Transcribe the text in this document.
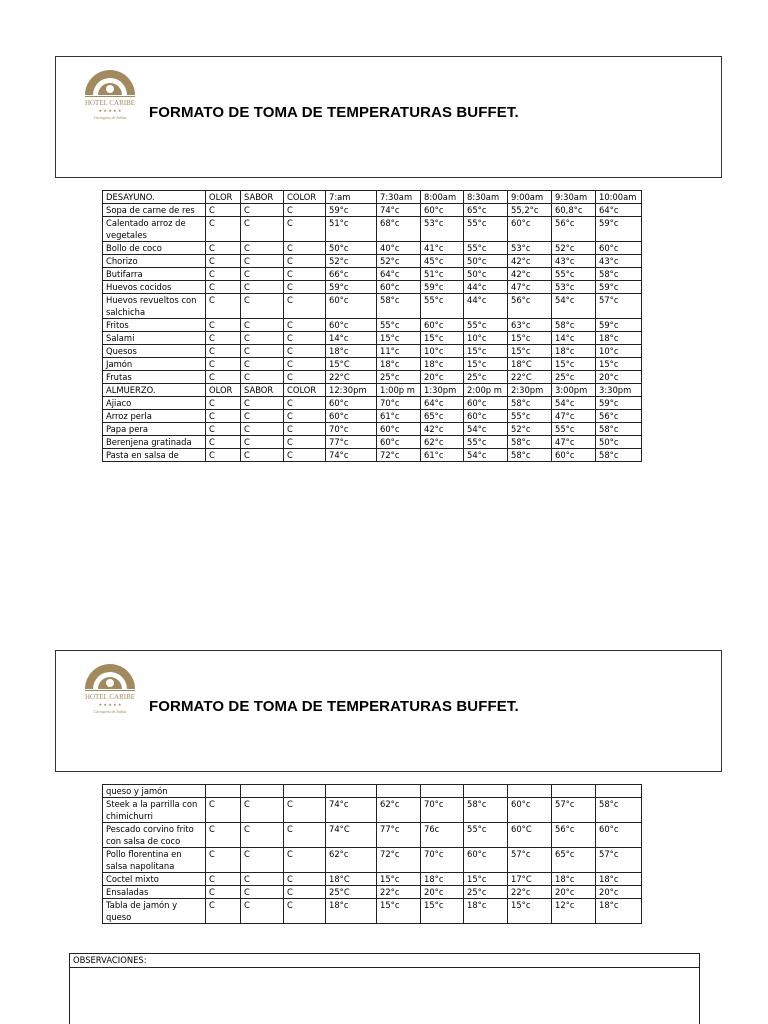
HOTEL CARIBE
★ ★ ★ ★ ★
Cartagena de Indias FORMATO DE TOMA DE TEMPERATURAS BUFFET.
DESAYUNO.	OLOR	SABOR	COLOR	7:am	7:30am	8:00am	8:30am	9:00am	9:30am	10:00am
Sopa de carne de res	C	C	C	59°c	74°c	60°c	65°c	55,2°c	60,8°c	64°c
Calentado arroz de vegetales	C	C	C	51°c	68°c	53°c	55°c	60°c	56°c	59°c
Bollo de coco	C	C	C	50°c	40°c	41°c	55°c	53°c	52°c	60°c
Chorizo	C	C	C	52°c	52°c	45°c	50°c	42°c	43°c	43°c
Butifarra	C	C	C	66°c	64°c	51°c	50°c	42°c	55°c	58°c
Huevos cocidos	C	C	C	59°c	60°c	59°c	44°c	47°c	53°c	59°c
Huevos revueltos con salchicha	C	C	C	60°c	58°c	55°c	44°c	56°c	54°c	57°c
Fritos	C	C	C	60°c	55°c	60°c	55°c	63°c	58°c	59°c
Salami	C	C	C	14°c	15°c	15°c	10°c	15°c	14°c	18°c
Quesos	C	C	C	18°c	11°c	10°c	15°c	15°c	18°c	10°c
Jamón	C	C	C	15°C	18°c	18°c	15°c	18°C	15°c	15°c
Frutas	C	C	C	22°C	25°c	20°c	25°c	22°C	25°c	20°c
ALMUERZO.	OLOR	SABOR	COLOR	12:30pm	1:00p m	1:30pm	2:00p m	2:30pm	3:00pm	3:30pm
Ajiaco	C	C	C	60°c	70°c	64°c	60°c	58°c	54°c	59°c
Arroz perla	C	C	C	60°c	61°c	65°c	60°c	55°c	47°c	56°c
Papa pera	C	C	C	70°c	60°c	42°c	54°c	52°c	55°c	58°c
Berenjena gratinada	C	C	C	77°c	60°c	62°c	55°c	58°c	47°c	50°c
Pasta en salsa de	C	C	C	74°c	72°c	61°c	54°c	58°c	60°c	58°c
HOTEL CARIBE
★ ★ ★ ★ ★
Cartagena de Indias FORMATO DE TOMA DE TEMPERATURAS BUFFET.
queso y jamón										
Steek a la parrilla con chimichurri	C	C	C	74°c	62°c	70°c	58°c	60°c	57°c	58°c
Pescado corvino frito con salsa de coco	C	C	C	74°C	77°c	76c	55°c	60°C	56°c	60°c
Pollo florentina en salsa napolitana	C	C	C	62°c	72°c	70°c	60°c	57°c	65°c	57°c
Coctel mixto	C	C	C	18°C	15°c	18°c	15°c	17°C	18°c	18°c
Ensaladas	C	C	C	25°C	22°c	20°c	25°c	22°c	20°c	20°c
Tabla de jamón y queso	C	C	C	18°c	15°c	15°c	18°c	15°c	12°c	18°c
OBSERVACIONES:
